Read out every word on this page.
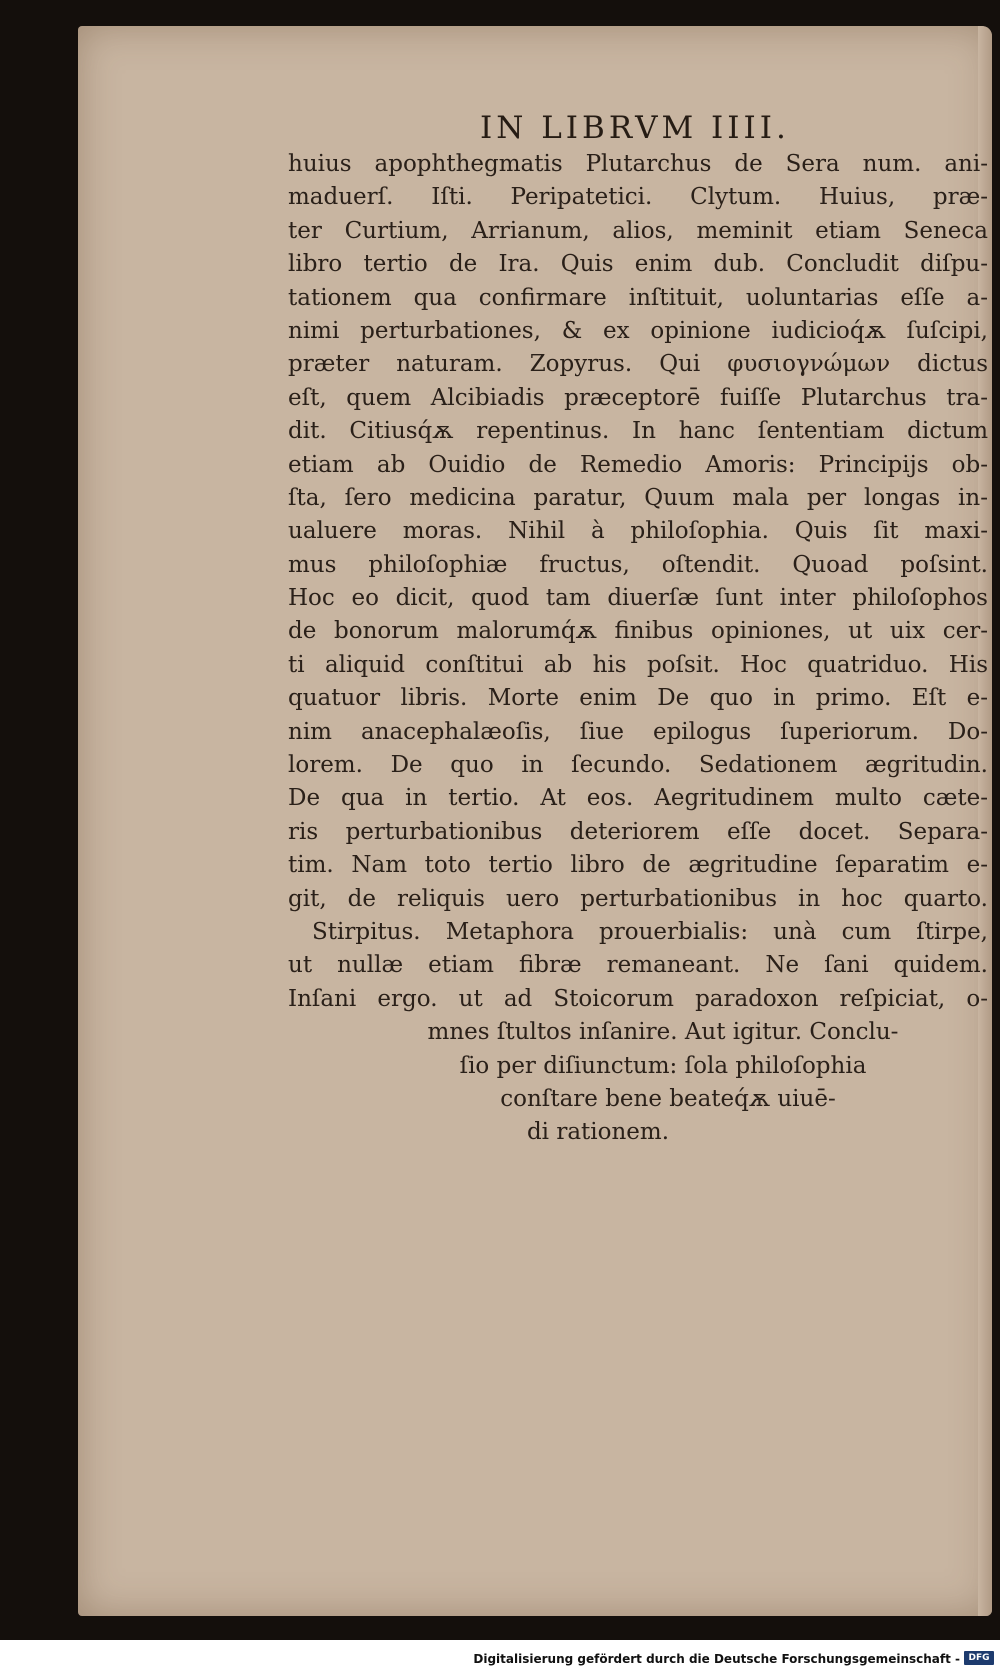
IN LIBRVM IIII.
huius apophthegmatis Plutarchus de Sera num. ani-
maduerſ. Iſti. Peripatetici. Clytum. Huius, præ-
ter Curtium, Arrianum, alios, meminit etiam Seneca
libro tertio de Ira. Quis enim dub. Concludit diſpu-
tationem qua confirmare inſtituit, uoluntarias eſſe a-
nimi perturbationes, & ex opinione iudicioq́ѫ ſuſcipi,
præter naturam. Zopyrus. Qui φυσιογνώμων dictus
eſt, quem Alcibiadis præceptorē fuiſſe Plutarchus tra-
dit. Citiusq́ѫ repentinus. In hanc ſententiam dictum
etiam ab Ouidio de Remedio Amoris: Principijs ob-
ſta, ſero medicina paratur, Quum mala per longas in-
ualuere moras. Nihil à philoſophia. Quis ſit maxi-
mus philoſophiæ fructus, oſtendit. Quoad poſsint.
Hoc eo dicit, quod tam diuerſæ ſunt inter philoſophos
de bonorum malorumq́ѫ finibus opiniones, ut uix cer-
ti aliquid conſtitui ab his poſsit. Hoc quatriduo. His
quatuor libris. Morte enim De quo in primo. Eſt e-
nim anacephalæoſis, ſiue epilogus ſuperiorum. Do-
lorem. De quo in ſecundo. Sedationem ægritudin.
De qua in tertio. At eos. Aegritudinem multo cæte-
ris perturbationibus deteriorem eſſe docet. Separa-
tim. Nam toto tertio libro de ægritudine ſeparatim e-
git, de reliquis uero perturbationibus in hoc quarto.
Stirpitus. Metaphora prouerbialis: unà cum ſtirpe,
ut nullæ etiam fibræ remaneant. Ne ſani quidem.
Inſani ergo. ut ad Stoicorum paradoxon reſpiciat, o-
mnes ſtultos inſanire. Aut igitur. Conclu-
ſio per diſiunctum: ſola philoſophia
conſtare bene beateq́ѫ uiuē-
di rationem.
Digitalisierung gefördert durch die Deutsche Forschungsgemeinschaft - DFG
